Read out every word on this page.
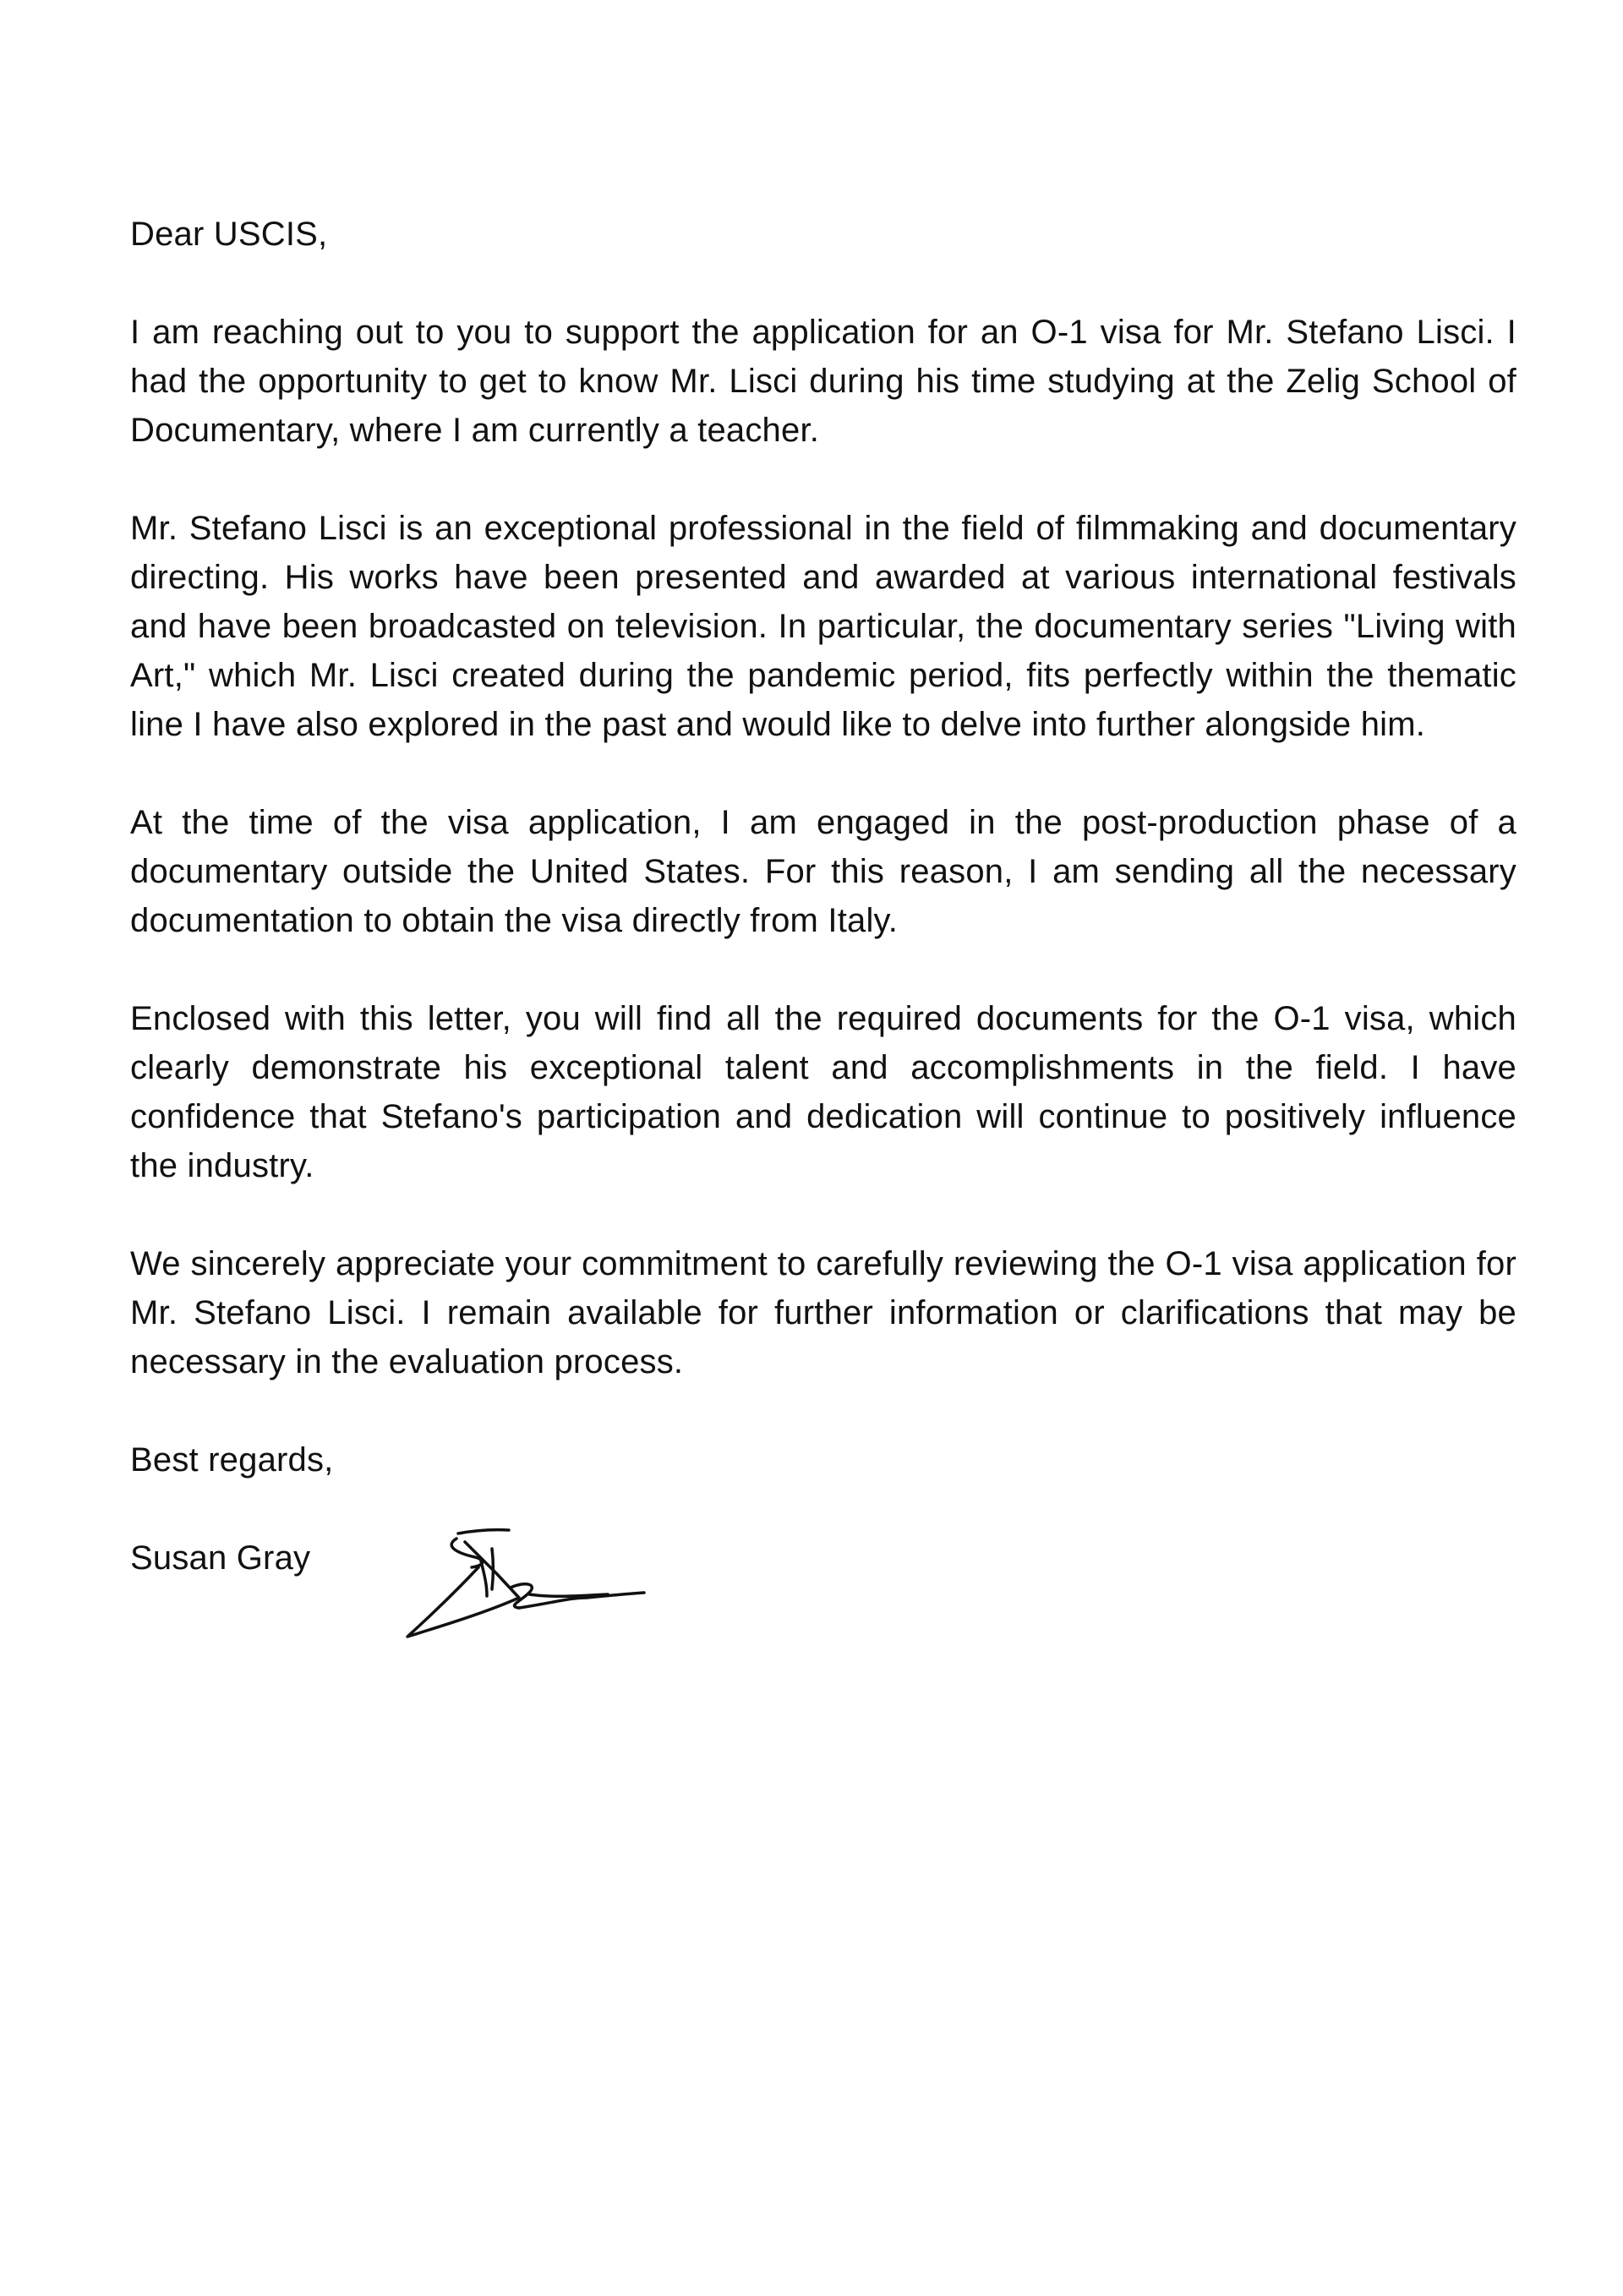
Dear USCIS,

I am reaching out to you to support the application for an O-1 visa for Mr. Stefano Lisci. I had the opportunity to get to know Mr. Lisci during his time studying at the Zelig School of Documentary, where I am currently a teacher.

Mr. Stefano Lisci is an exceptional professional in the field of filmmaking and documentary directing. His works have been presented and awarded at various international festivals and have been broadcasted on television. In particular, the documentary series "Living with Art," which Mr. Lisci created during the pandemic period, fits perfectly within the thematic line I have also explored in the past and would like to delve into further alongside him.

At the time of the visa application, I am engaged in the post-production phase of a documentary outside the United States. For this reason, I am sending all the necessary documentation to obtain the visa directly from Italy.

Enclosed with this letter, you will find all the required documents for the O-1 visa, which clearly demonstrate his exceptional talent and accomplishments in the field. I have confidence that Stefano's participation and dedication will continue to positively influence the industry.

We sincerely appreciate your commitment to carefully reviewing the O-1 visa application for Mr. Stefano Lisci. I remain available for further information or clarifications that may be necessary in the evaluation process.

Best regards,

Susan Gray
